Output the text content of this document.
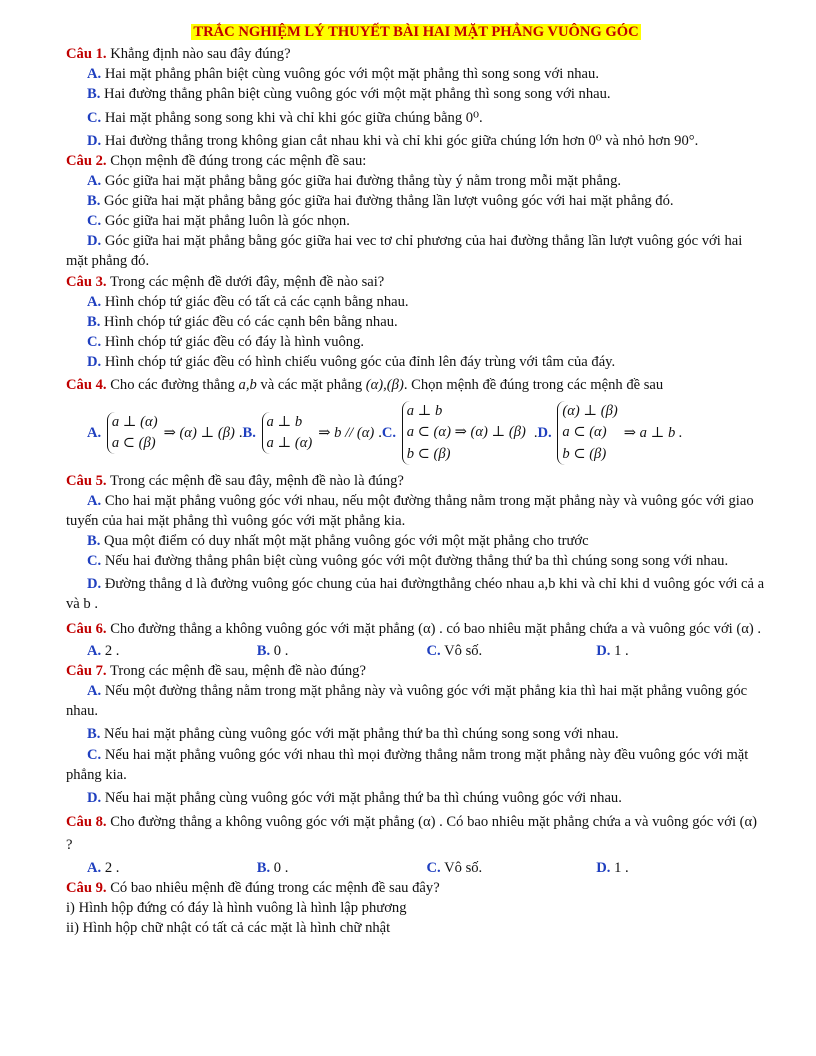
TRẮC NGHIỆM LÝ THUYẾT BÀI HAI MẶT PHẲNG VUÔNG GÓC

Câu 1. Khẳng định nào sau đây đúng?

A. Hai mặt phẳng phân biệt cùng vuông góc với một mặt phẳng thì song song với nhau.

B. Hai đường thẳng phân biệt cùng vuông góc với một mặt phẳng thì song song với nhau.

C. Hai mặt phẳng song song khi và chỉ khi góc giữa chúng bằng 0⁰.

D. Hai đường thẳng trong không gian cắt nhau khi và chỉ khi góc giữa chúng lớn hơn 0⁰ và nhỏ hơn 90°.

Câu 2. Chọn mệnh đề đúng trong các mệnh đề sau:

A. Góc giữa hai mặt phẳng bằng góc giữa hai đường thẳng tùy ý nằm trong mỗi mặt phẳng.

B. Góc giữa hai mặt phẳng bằng góc giữa hai đường thẳng lần lượt vuông góc với hai mặt phẳng đó.

C. Góc giữa hai mặt phẳng luôn là góc nhọn.

D. Góc giữa hai mặt phẳng bằng góc giữa hai vec tơ chỉ phương của hai đường thẳng lần lượt vuông góc với hai mặt phẳng đó.

Câu 3. Trong các mệnh đề dưới đây, mệnh đề nào sai?

A. Hình chóp tứ giác đều có tất cả các cạnh bằng nhau.

B. Hình chóp tứ giác đều có các cạnh bên bằng nhau.

C. Hình chóp tứ giác đều có đáy là hình vuông.

D. Hình chóp tứ giác đều có hình chiếu vuông góc của đỉnh lên đáy trùng với tâm của đáy.

Câu 4. Cho các đường thẳng a,b và các mặt phẳng (α),(β). Chọn mệnh đề đúng trong các mệnh đề sau

A.

a ⊥ (α)
a ⊂ (β)
⇒ (α) ⊥ (β) . B.

a ⊥ b
a ⊥ (α)
⇒ b // (α) . C.

a ⊥ b
a ⊂ (α) ⇒ (α) ⊥ (β)
b ⊂ (β)
. D.

(α) ⊥ (β)
a ⊂ (α)
b ⊂ (β)
⇒ a ⊥ b .

Câu 5. Trong các mệnh đề sau đây, mệnh đề nào là đúng?

A. Cho hai mặt phẳng vuông góc với nhau, nếu một đường thẳng nằm trong mặt phẳng này và vuông góc với giao tuyến của hai mặt phẳng thì vuông góc với mặt phẳng kia.

B. Qua một điểm có duy nhất một mặt phẳng vuông góc với một mặt phẳng cho trước

C. Nếu hai đường thẳng phân biệt cùng vuông góc với một đường thẳng thứ ba thì chúng song song với nhau.

D. Đường thẳng d là đường vuông góc chung của hai đườngthẳng chéo nhau a,b khi và chỉ khi d vuông góc với cả a và b .

Câu 6. Cho đường thẳng a không vuông góc với mặt phẳng (α) . có bao nhiêu mặt phẳng chứa a và vuông góc với (α) .

A. 2 .	B. 0 .	C. Vô số.	D. 1 .

Câu 7. Trong các mệnh đề sau, mệnh đề nào đúng?

A. Nếu một đường thẳng nằm trong mặt phẳng này và vuông góc với mặt phẳng kia thì hai mặt phẳng vuông góc nhau.

B. Nếu hai mặt phẳng cùng vuông góc với mặt phẳng thứ ba thì chúng song song với nhau.

C. Nếu hai mặt phẳng vuông góc với nhau thì mọi đường thẳng nằm trong mặt phẳng này đều vuông góc với mặt phẳng kia.

D. Nếu hai mặt phẳng cùng vuông góc với mặt phẳng thứ ba thì chúng vuông góc với nhau.

Câu 8. Cho đường thẳng a không vuông góc với mặt phẳng (α) . Có bao nhiêu mặt phẳng chứa a và vuông góc với (α) ?

A. 2 .	B. 0 .	C. Vô số.	D. 1 .

Câu 9. Có bao nhiêu mệnh đề đúng trong các mệnh đề sau đây?

i) Hình hộp đứng có đáy là hình vuông là hình lập phương

ii) Hình hộp chữ nhật có tất cả các mặt là hình chữ nhật
